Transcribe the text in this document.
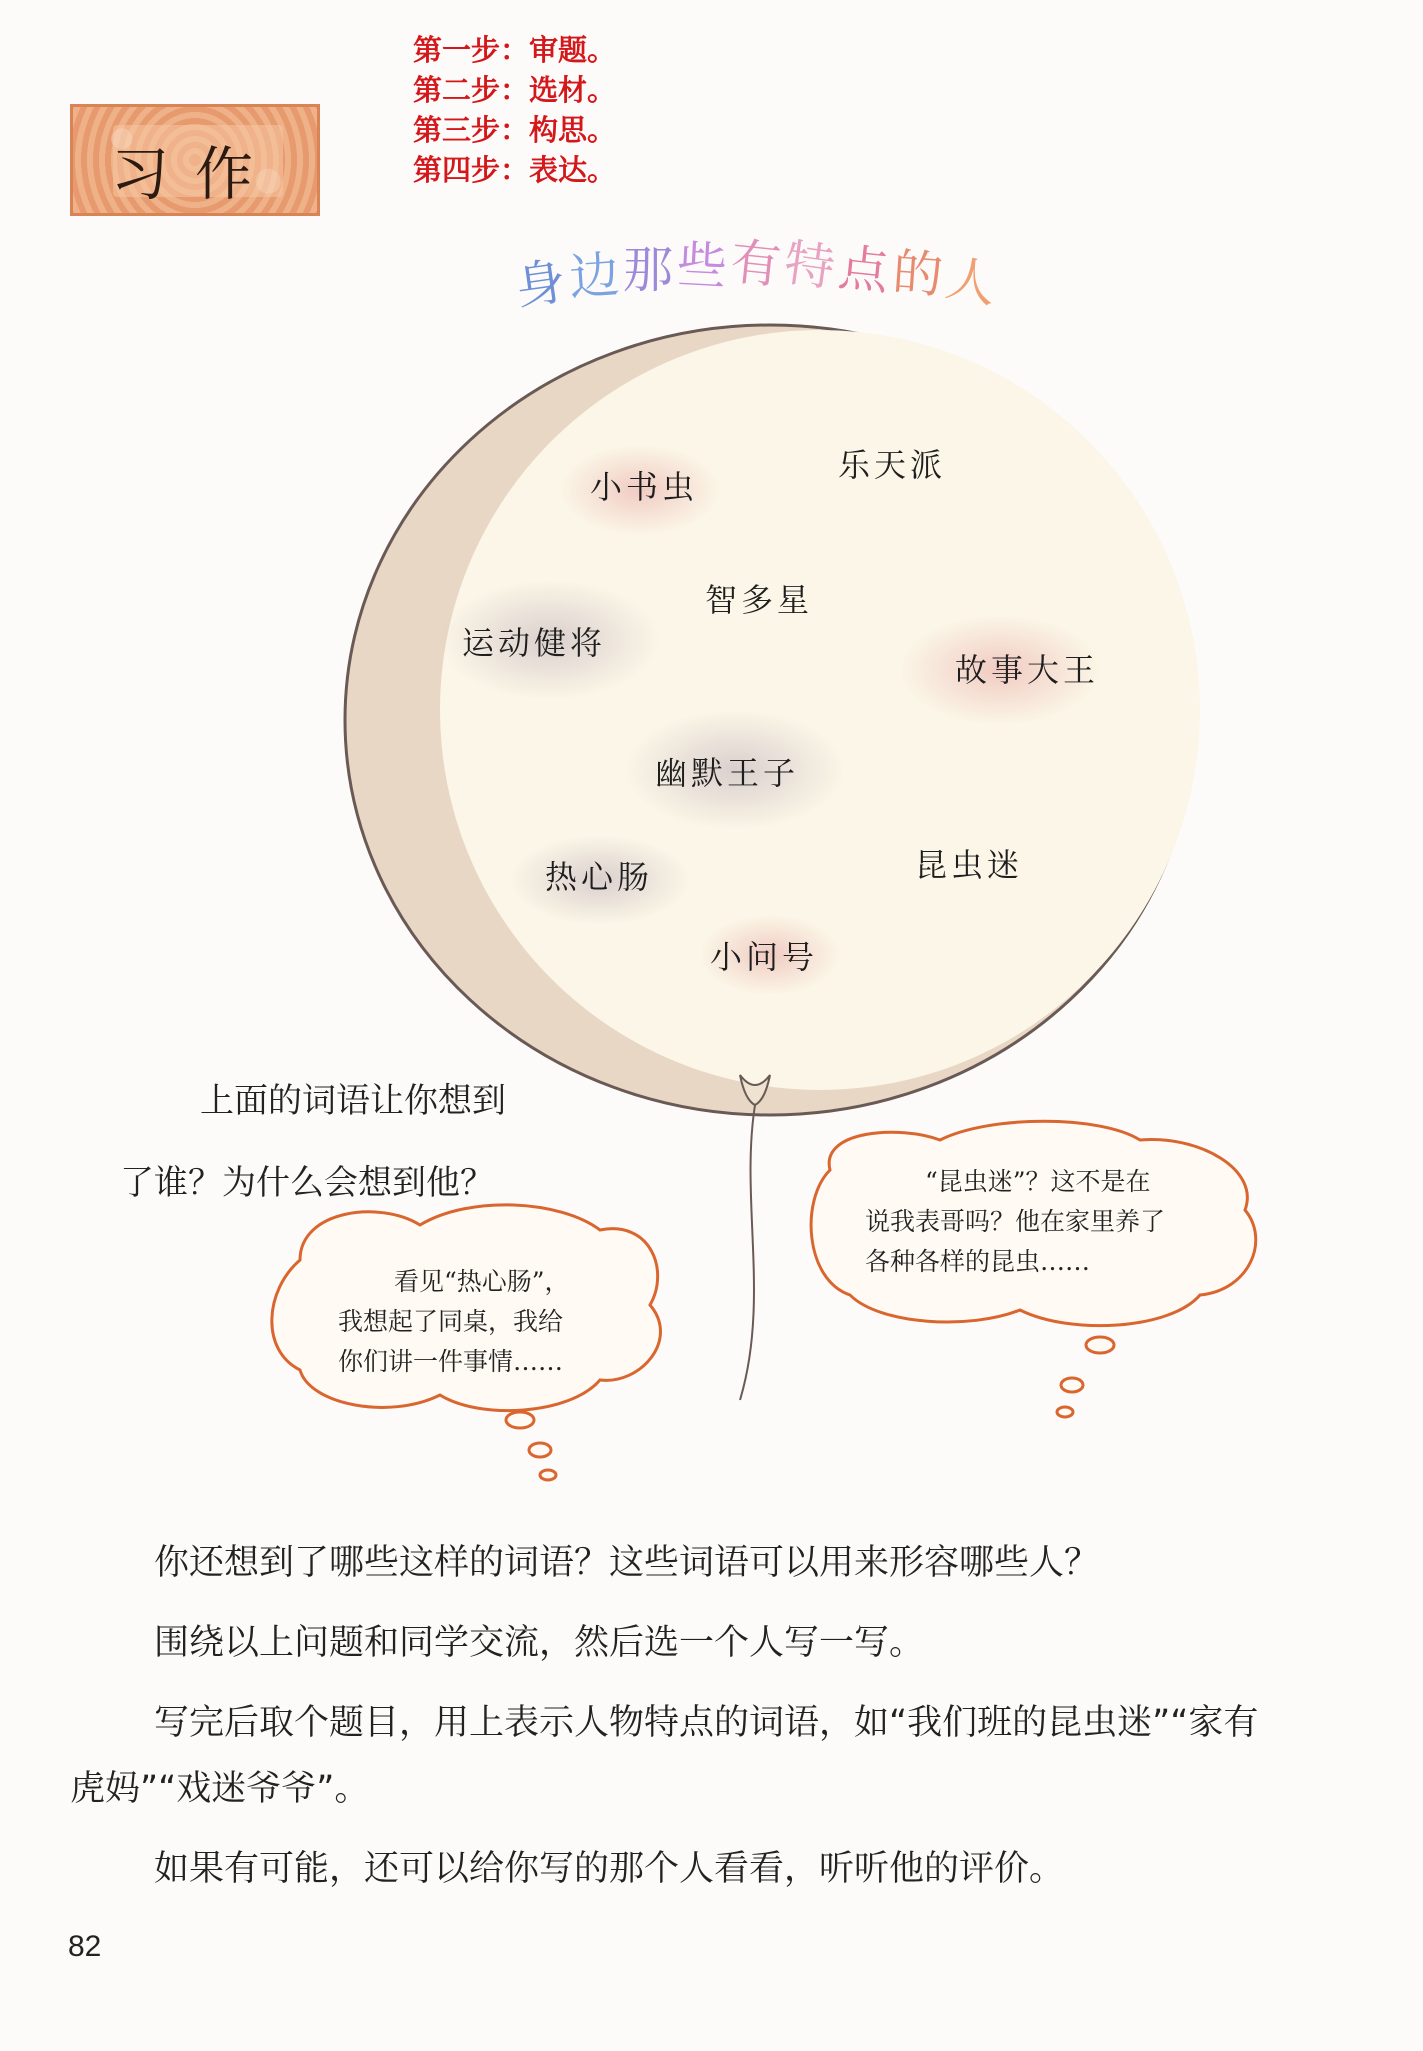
习作
第一步：审题。
第二步：选材。
第三步：构思。
第四步：表达。
身边那些有特点的人
小书虫
乐天派
智多星
运动健将
故事大王
幽默王子
热心肠	昆虫迷
小问号
上面的词语让你想到
了谁？为什么会想到他？
看见“热心肠”，
我想起了同桌，我给
你们讲一件事情……
“昆虫迷”？这不是在
说我表哥吗？他在家里养了
各种各样的昆虫……

你还想到了哪些这样的词语？这些词语可以用来形容哪些人？

围绕以上问题和同学交流，然后选一个人写一写。

写完后取个题目，用上表示人物特点的词语，如“我们班的昆虫迷”“家有虎妈”“戏迷爷爷”。

如果有可能，还可以给你写的那个人看看，听听他的评价。

82
